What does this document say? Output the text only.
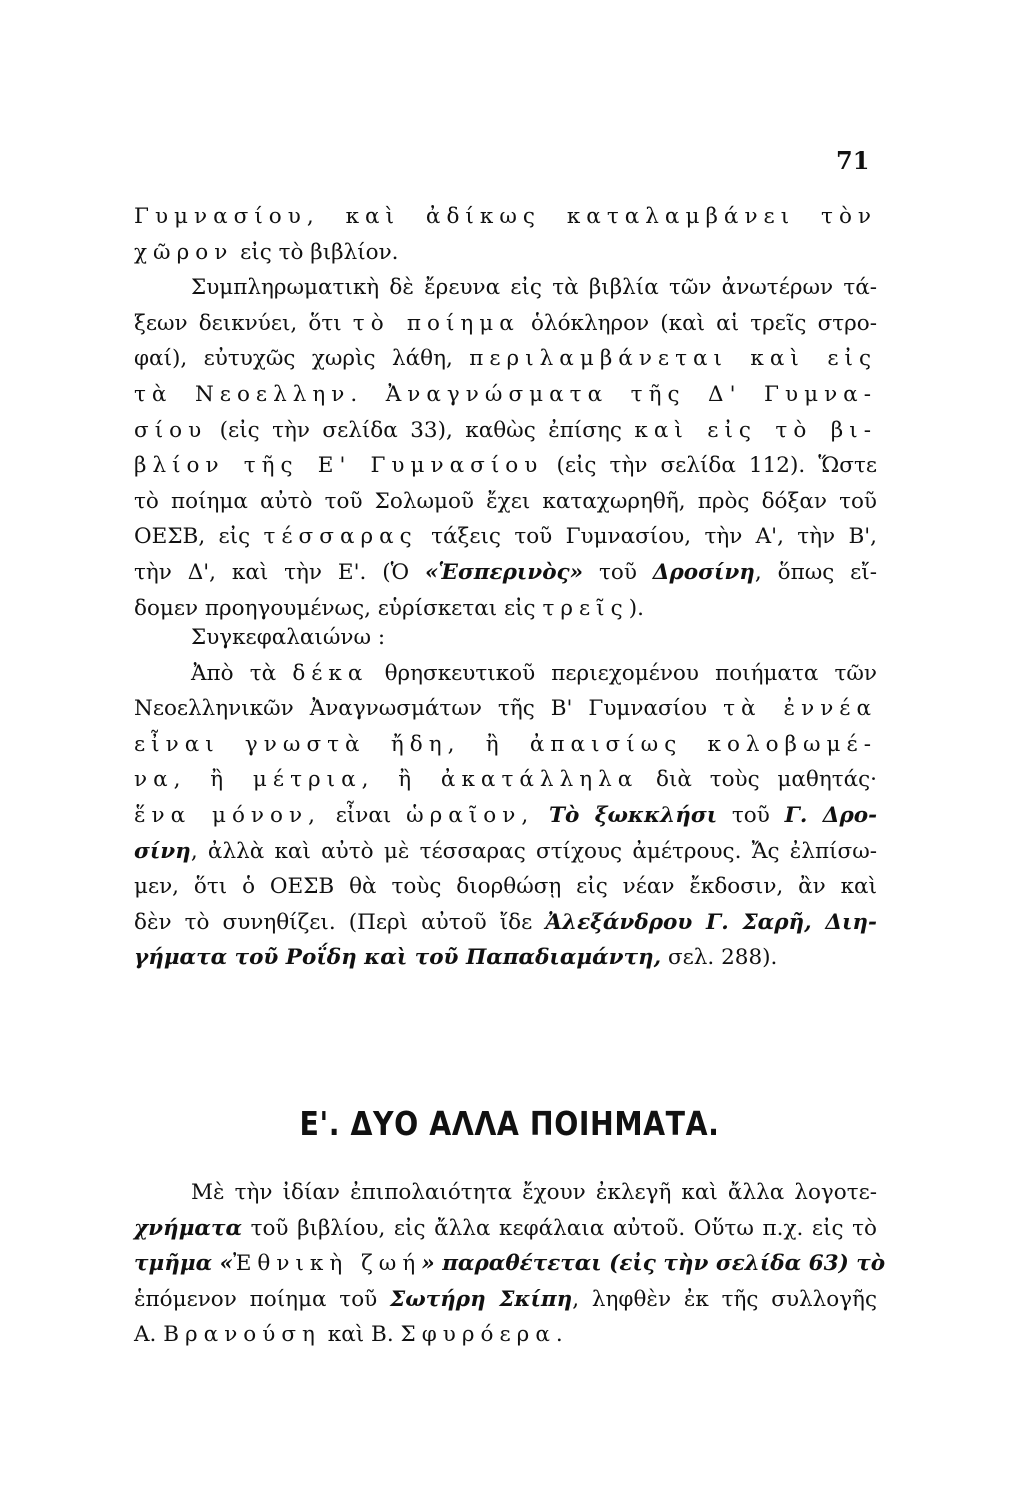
71
Γυμνασίου, καὶ ἀδίκως καταλαμβάνει τὸν
χῶρον εἰς τὸ βιβλίον.
Συμπληρωματικὴ δὲ ἔρευνα εἰς τὰ βιβλία τῶν ἀνωτέρων τά-
ξεων δεικνύει, ὅτι τὸ ποίημα ὁλόκληρον (καὶ αἱ τρεῖς στρο-
φαί), εὐτυχῶς χωρὶς λάθη, περιλαμβάνεται καὶ εἰς
τὰ Νεοελλην. Ἀναγνώσματα τῆς Δ' Γυμνα-
σίου (εἰς τὴν σελίδα 33), καθὼς ἐπίσης καὶ εἰς τὸ βι-
βλίον τῆς Ε' Γυμνασίου (εἰς τὴν σελίδα 112). Ὥστε
τὸ ποίημα αὐτὸ τοῦ Σολωμοῦ ἔχει καταχωρηθῆ, πρὸς δόξαν τοῦ
ΟΕΣΒ, εἰς τέσσαρας τάξεις τοῦ Γυμνασίου, τὴν Α', τὴν Β',
τὴν Δ', καὶ τὴν Ε'. (Ὁ «Ἑσπερινὸς» τοῦ Δροσίνη, ὅπως εἴ-
δομεν προηγουμένως, εὑρίσκεται εἰς τρεῖς).
Συγκεφαλαιώνω :
Ἀπὸ τὰ δέκα θρησκευτικοῦ περιεχομένου ποιήματα τῶν
Νεοελληνικῶν Ἀναγνωσμάτων τῆς Β' Γυμνασίου τὰ ἐννέα
εἶναι γνωστὰ ἤδη, ἢ ἀπαισίως κολοβωμέ-
να, ἢ μέτρια, ἢ ἀκατάλληλα διὰ τοὺς μαθητάς·
ἕνα μόνον, εἶναι ὡραῖον, Τὸ ξωκκλήσι τοῦ Γ. Δρο-
σίνη, ἀλλὰ καὶ αὐτὸ μὲ τέσσαρας στίχους ἀμέτρους. Ἄς ἐλπίσω-
μεν, ὅτι ὁ ΟΕΣΒ θὰ τοὺς διορθώσῃ εἰς νέαν ἔκδοσιν, ἂν καὶ
δὲν τὸ συνηθίζει. (Περὶ αὐτοῦ ἴδε Ἀλεξάνδρου Γ. Σαρῆ, Διη-
γήματα τοῦ Ροΐδη καὶ τοῦ Παπαδιαμάντη, σελ. 288).
Ε'. ΔΥΟ ΑΛΛΑ ΠΟΙΗΜΑΤΑ.
Μὲ τὴν ἰδίαν ἐπιπολαιότητα ἔχουν ἐκλεγῆ καὶ ἄλλα λογοτε-
χνήματα τοῦ βιβλίου, εἰς ἄλλα κεφάλαια αὐτοῦ. Οὕτω π.χ. εἰς τὸ
τμῆμα «Ἐθνικὴ ζωή» παραθέτεται (εἰς τὴν σελίδα 63) τὸ
ἑπόμενον ποίημα τοῦ Σωτήρη Σκίπη, ληφθὲν ἐκ τῆς συλλογῆς
Α. Βρανούση καὶ Β. Σφυρόερα.
